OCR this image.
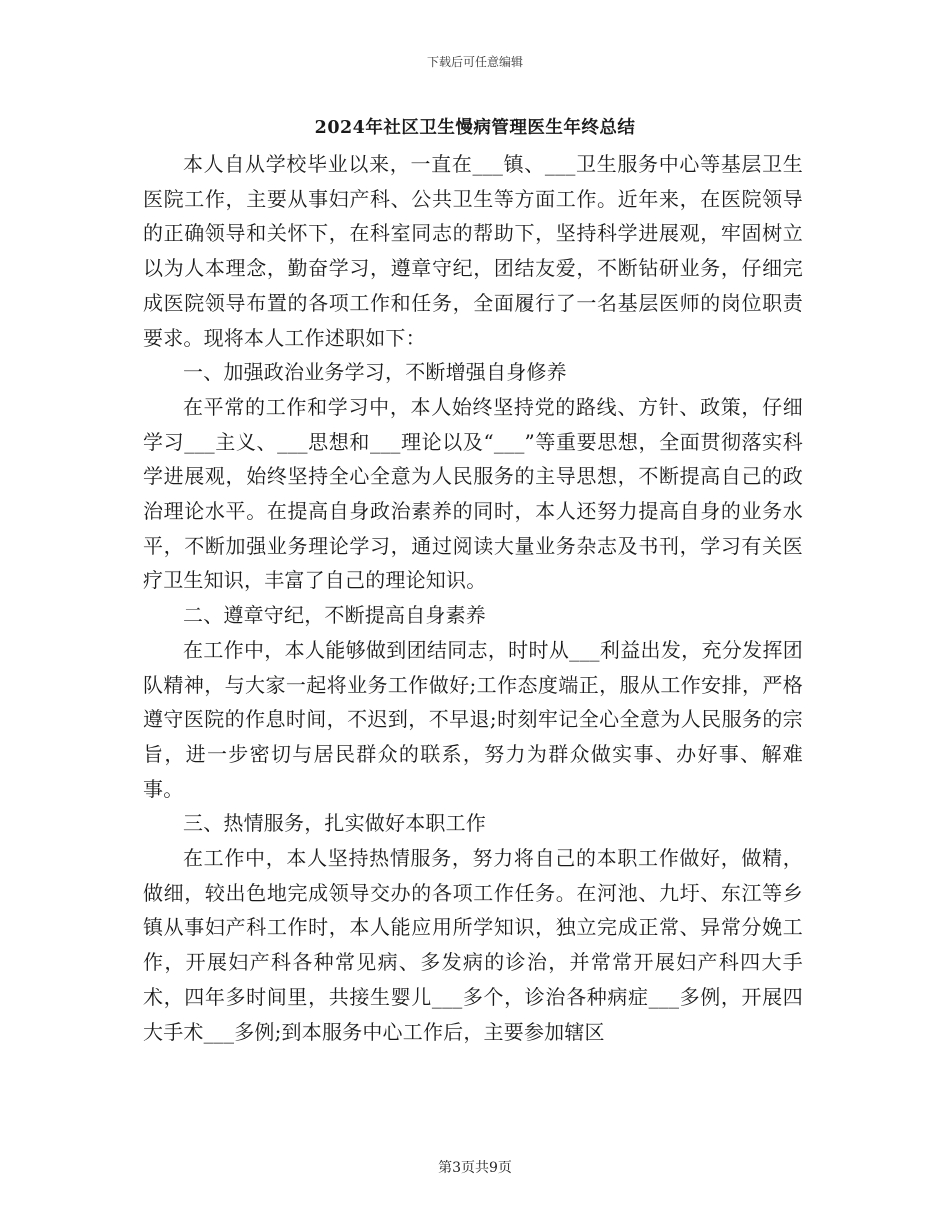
下载后可任意编辑
2024年社区卫生慢病管理医生年终总结

本人自从学校毕业以来，一直在___镇、___卫生服务中心等基层卫生医院工作，主要从事妇产科、公共卫生等方面工作。近年来，在医院领导的正确领导和关怀下，在科室同志的帮助下，坚持科学进展观，牢固树立以为人本理念，勤奋学习，遵章守纪，团结友爱，不断钻研业务，仔细完成医院领导布置的各项工作和任务，全面履行了一名基层医师的岗位职责要求。现将本人工作述职如下：

一、加强政治业务学习，不断增强自身修养

在平常的工作和学习中，本人始终坚持党的路线、方针、政策，仔细学习___主义、___思想和___理论以及“___”等重要思想，全面贯彻落实科学进展观，始终坚持全心全意为人民服务的主导思想，不断提高自己的政治理论水平。在提高自身政治素养的同时，本人还努力提高自身的业务水平，不断加强业务理论学习，通过阅读大量业务杂志及书刊，学习有关医疗卫生知识，丰富了自己的理论知识。

二、遵章守纪，不断提高自身素养

在工作中，本人能够做到团结同志，时时从___利益出发，充分发挥团队精神，与大家一起将业务工作做好;工作态度端正，服从工作安排，严格遵守医院的作息时间，不迟到，不早退;时刻牢记全心全意为人民服务的宗旨，进一步密切与居民群众的联系，努力为群众做实事、办好事、解难事。

三、热情服务，扎实做好本职工作

在工作中，本人坚持热情服务，努力将自己的本职工作做好，做精，做细，较出色地完成领导交办的各项工作任务。在河池、九圩、东江等乡镇从事妇产科工作时，本人能应用所学知识，独立完成正常、异常分娩工作，开展妇产科各种常见病、多发病的诊治，并常常开展妇产科四大手术，四年多时间里，共接生婴儿___多个，诊治各种病症___多例，开展四大手术___多例;到本服务中心工作后，主要参加辖区

第3页共9页
